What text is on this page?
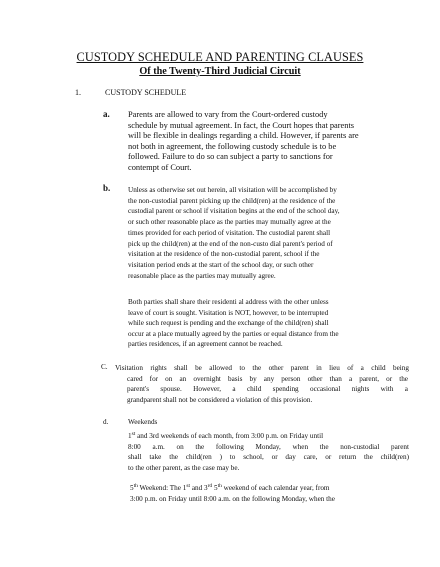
CUSTODY SCHEDULE AND PARENTING CLAUSES
Of the Twenty-Third Judicial Circuit
1.	CUSTODY SCHEDULE
a. Parents are allowed to vary from the Court-ordered custody
schedule by mutual agreement. In fact, the Court hopes that parents
will be flexible in dealings regarding a child. However, if parents are
not both in agreement, the following custody schedule is to be
followed. Failure to do so can subject a party to sanctions for
contempt of Court.
b. Unless as otherwise set out herein, all visitation will be accomplished by
the non-custodial parent picking up the child(ren) at the residence of the
custodial parent or school if visitation begins at the end of the school day,
or such other reasonable place as the parties may mutually agree at the
times provided for each period of visitation. The custodial parent shall
pick up the child(ren) at the end of the non-custo dial parent's period of
visitation at the residence of the non-custodial parent, school if the
visitation period ends at the start of the school day, or such other
reasonable place as the parties may mutually agree.
Both parties shall share their residenti al address with the other unless
leave of court is sought. Visitation is NOT, however, to be interrupted
while such request is pending and the exchange of the child(ren) shall
occur at a place mutually agreed by the parties or equal distance from the
parties residences, if an agreement cannot be reached.
C. Visitation rights shall be allowed to the other parent in lieu of a child being
cared for on an overnight basis by any person other than a parent, or the
parent's spouse. However, a child spending occasional nights with a
grandparent shall not be considered a violation of this provision.
d.	Weekends
1st and 3rd weekends of each month, from 3:00 p.m. on Friday until
8:00 a.m. on the following Monday, when the non-custodial parent
shall take the child(ren ) to school, or day care, or return the child(ren)
to the other parent, as the case may be.
5th Weekend: The 1st and 3rd 5th weekend of each calendar year, from
3:00 p.m. on Friday until 8:00 a.m. on the following Monday, when the
